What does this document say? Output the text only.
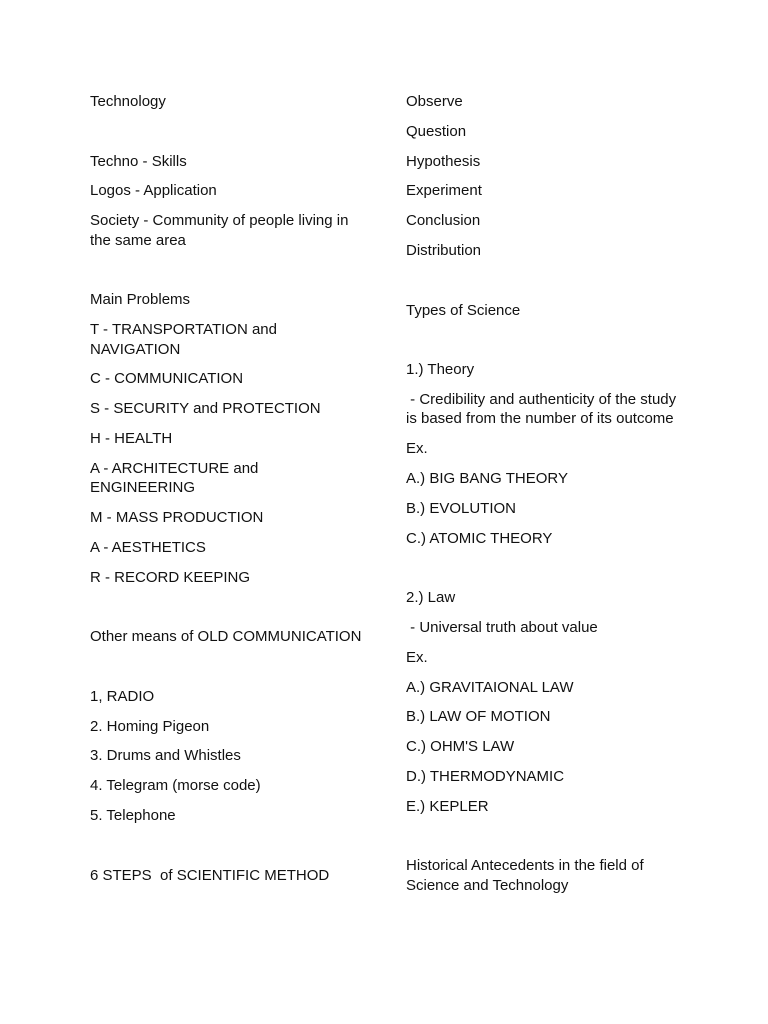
Technology

Techno - Skills

Logos - Application

Society - Community of people living in the same area

Main Problems

T - TRANSPORTATION and NAVIGATION

C - COMMUNICATION

S - SECURITY and PROTECTION

H - HEALTH

A - ARCHITECTURE and ENGINEERING

M - MASS PRODUCTION

A - AESTHETICS

R - RECORD KEEPING

Other means of OLD COMMUNICATION

1, RADIO

2. Homing Pigeon

3. Drums and Whistles

4. Telegram (morse code)

5. Telephone

6 STEPS  of SCIENTIFIC METHOD

Observe

Question

Hypothesis

Experiment

Conclusion

Distribution

Types of Science

1.) Theory

- Credibility and authenticity of the study is based from the number of its outcome

Ex.

A.) BIG BANG THEORY

B.) EVOLUTION

C.) ATOMIC THEORY

2.) Law

- Universal truth about value

Ex.

A.) GRAVITAIONAL LAW

B.) LAW OF MOTION

C.) OHM'S LAW

D.) THERMODYNAMIC

E.) KEPLER

Historical Antecedents in the field of Science and Technology
